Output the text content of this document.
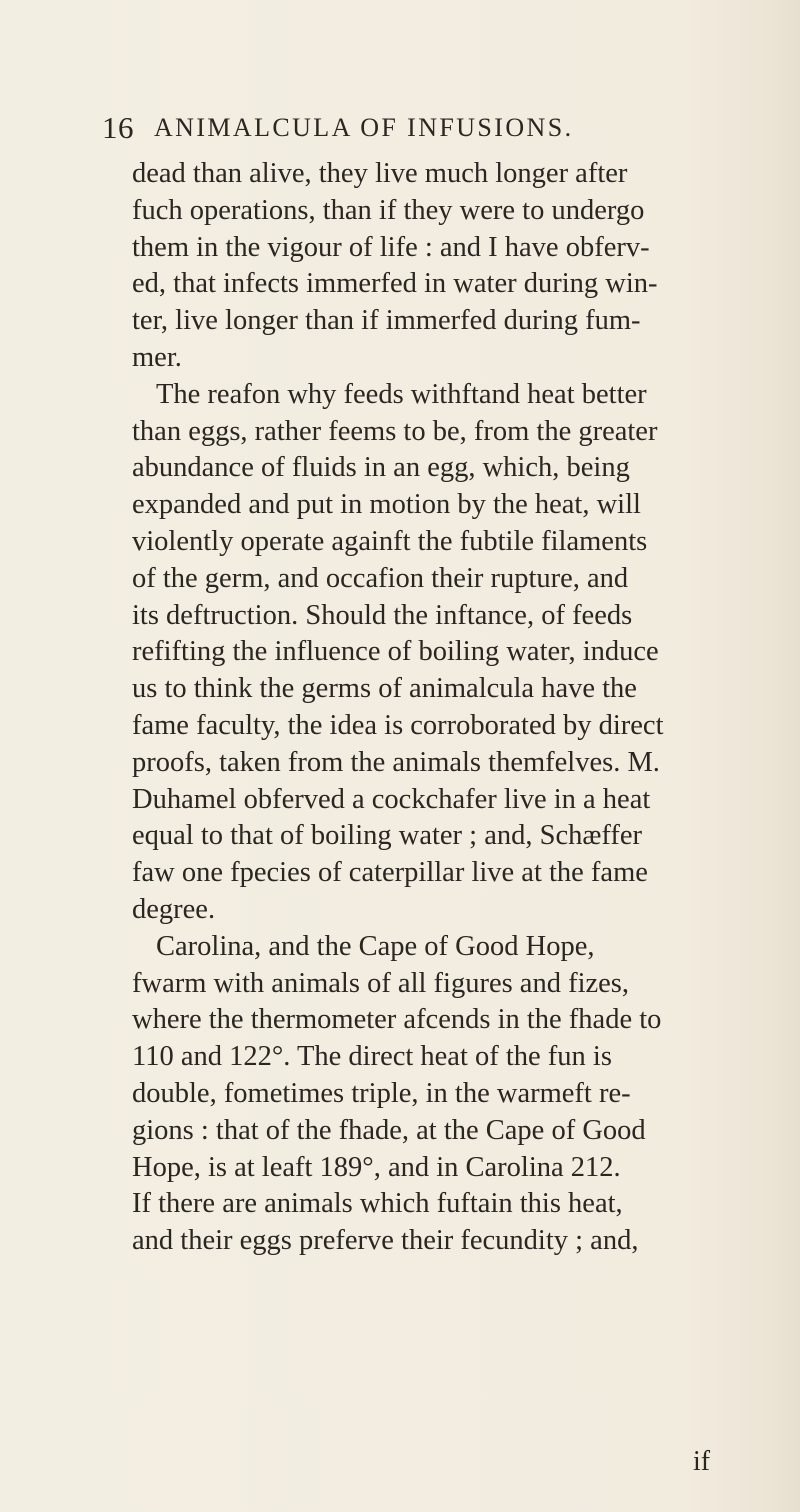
16 ANIMALCULA OF INFUSIONS.
dead than alive, they live much longer after
fuch operations, than if they were to undergo
them in the vigour of life : and I have obferv-
ed, that infects immerfed in water during win-
ter, live longer than if immerfed during fum-
mer.
The reafon why feeds withftand heat better
than eggs, rather feems to be, from the greater
abundance of fluids in an egg, which, being
expanded and put in motion by the heat, will
violently operate againft the fubtile filaments
of the germ, and occafion their rupture, and
its deftruction. Should the inftance, of feeds
refifting the influence of boiling water, induce
us to think the germs of animalcula have the
fame faculty, the idea is corroborated by direct
proofs, taken from the animals themfelves. M.
Duhamel obferved a cockchafer live in a heat
equal to that of boiling water ; and, Schæffer
faw one fpecies of caterpillar live at the fame
degree.
Carolina, and the Cape of Good Hope,
fwarm with animals of all figures and fizes,
where the thermometer afcends in the fhade to
110 and 122°. The direct heat of the fun is
double, fometimes triple, in the warmeft re-
gions : that of the fhade, at the Cape of Good
Hope, is at leaft 189°, and in Carolina 212.
If there are animals which fuftain this heat,
and their eggs preferve their fecundity ; and,
if
